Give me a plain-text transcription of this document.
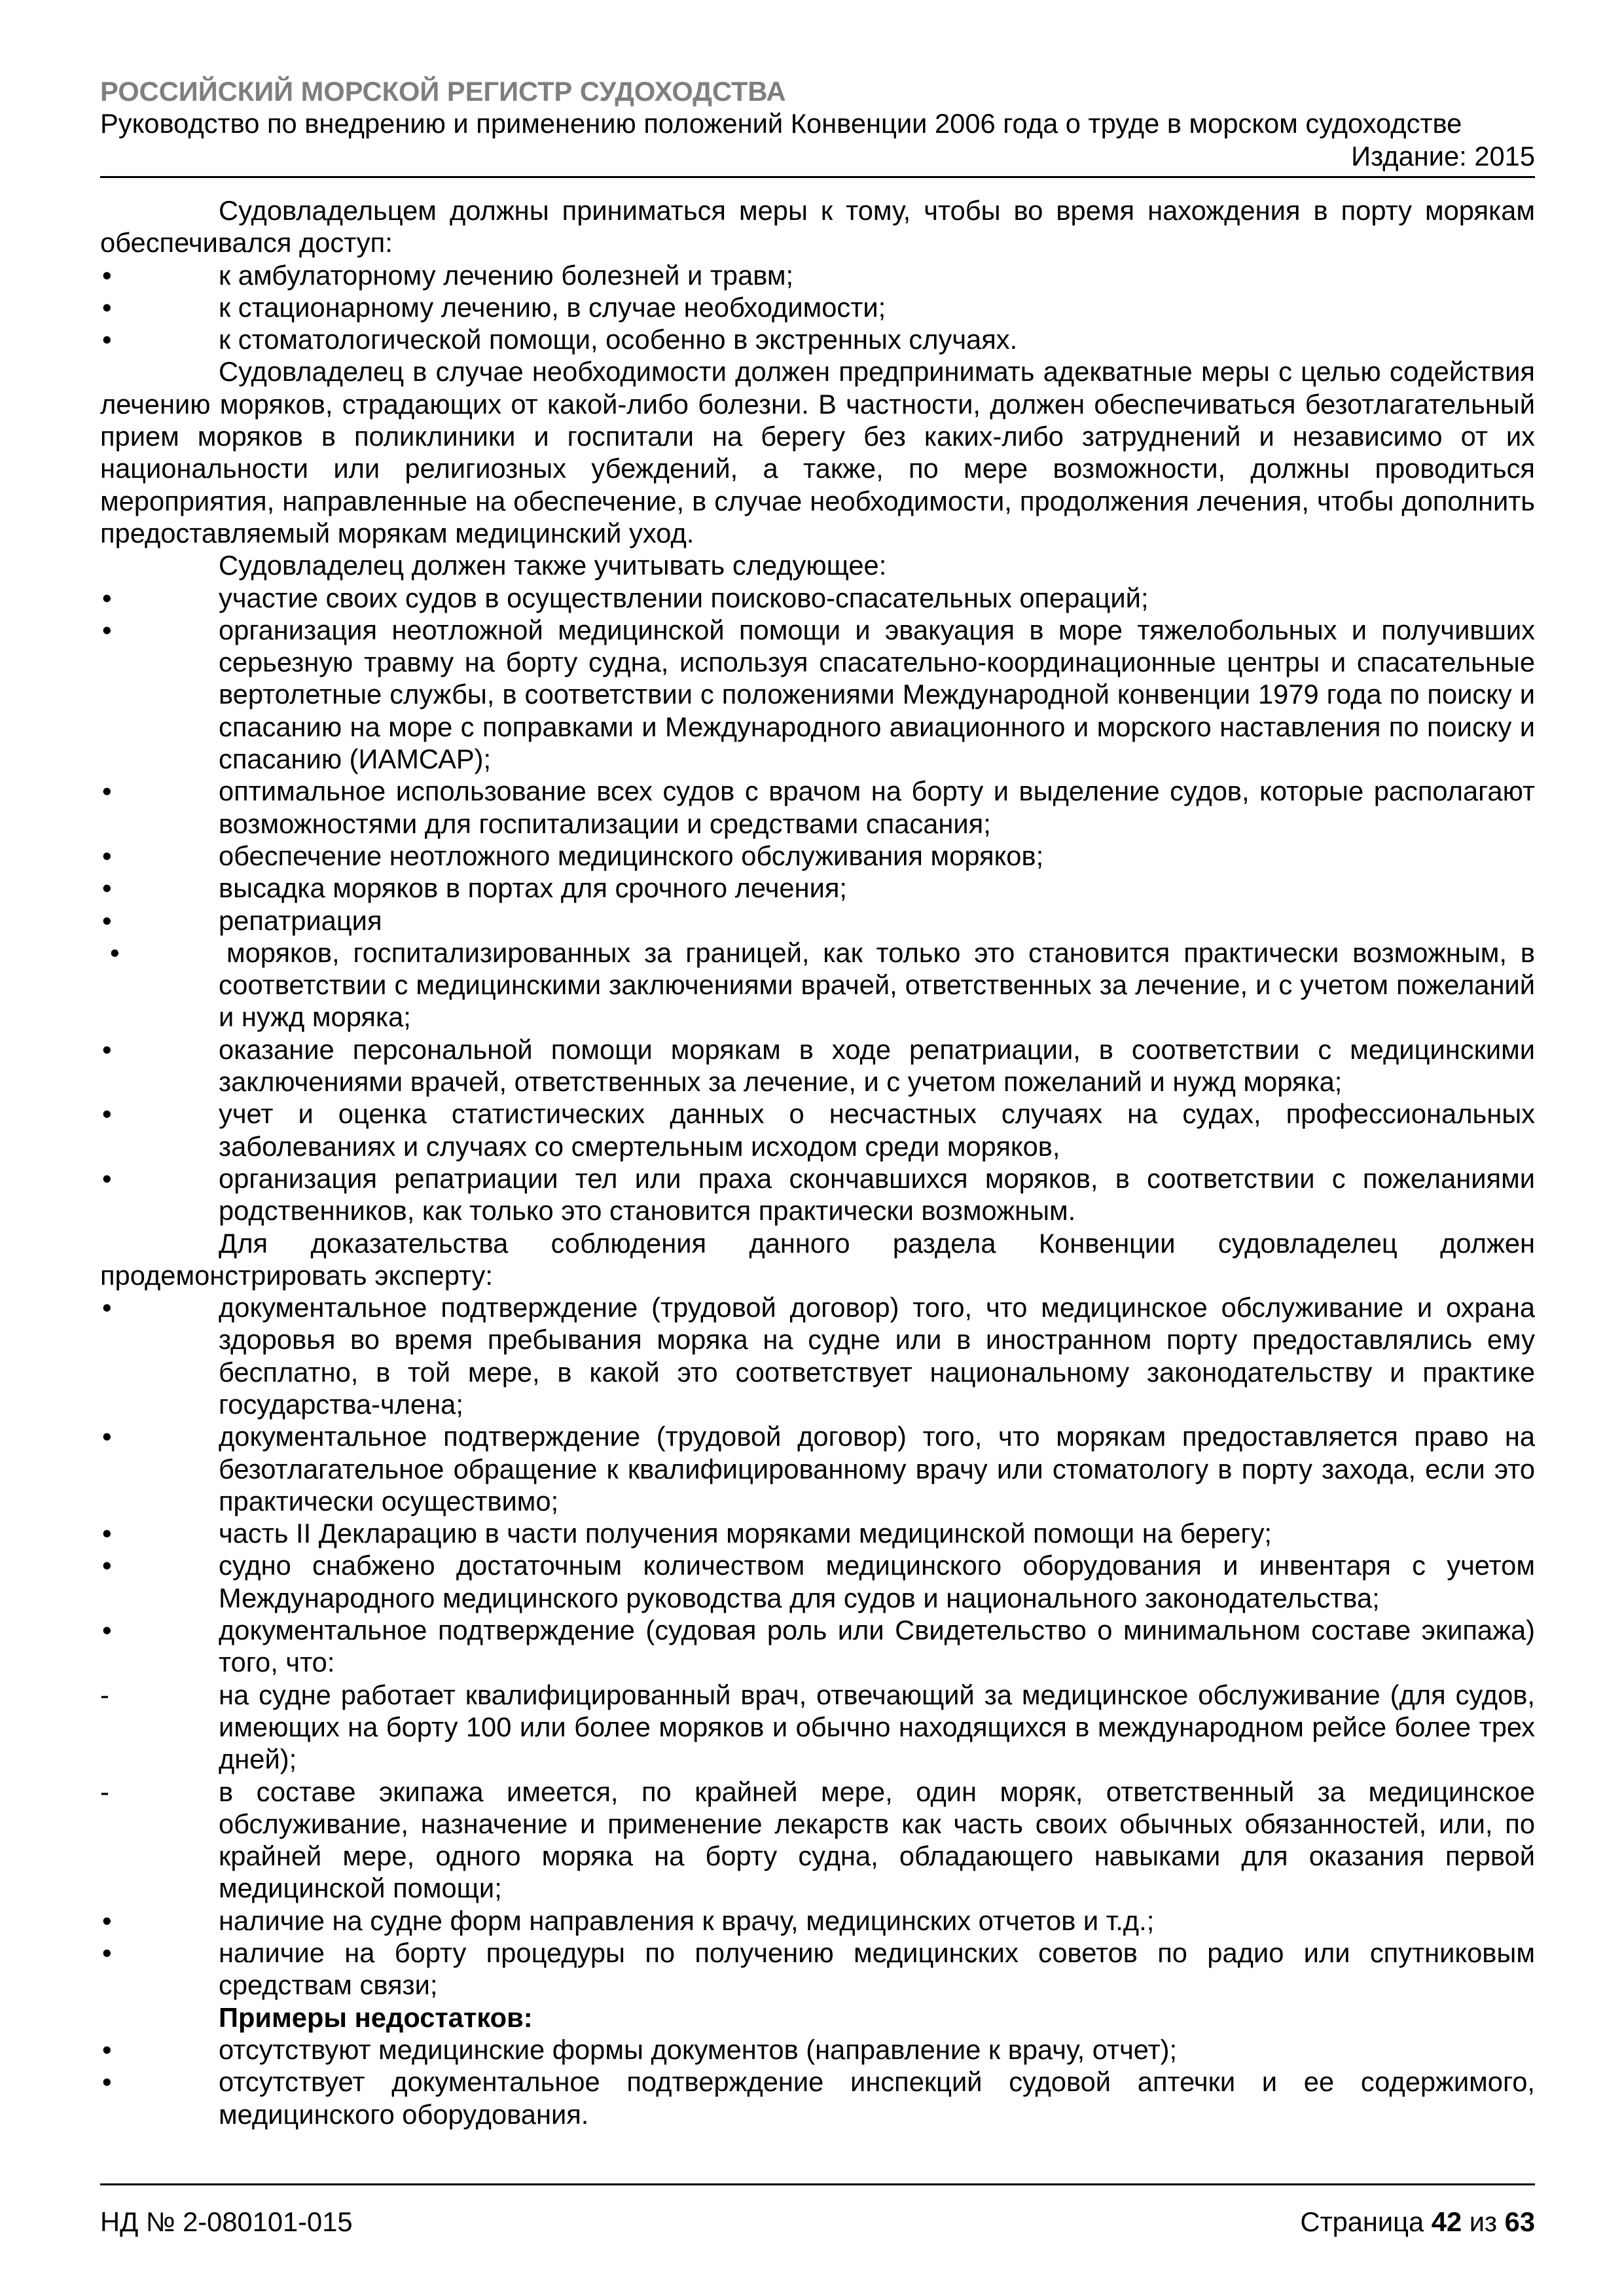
РОССИЙСКИЙ МОРСКОЙ РЕГИСТР СУДОХОДСТВА
Руководство по внедрению и применению положений Конвенции 2006 года о труде в морском судоходстве
Издание: 2015

Судовладельцем должны приниматься меры к тому, чтобы во время нахождения в порту морякам обеспечивался доступ:

•	к амбулаторному лечению болезней и травм;
•	к стационарному лечению, в случае необходимости;
•	к стоматологической помощи, особенно в экстренных случаях.

Судовладелец в случае необходимости должен предпринимать адекватные меры с целью содействия лечению моряков, страдающих от какой-либо болезни. В частности, должен обеспечиваться безотлагательный прием моряков в поликлиники и госпитали на берегу без каких-либо затруднений и независимо от их национальности или религиозных убеждений, а также, по мере возможности, должны проводиться мероприятия, направленные на обеспечение, в случае необходимости, продолжения лечения, чтобы дополнить предоставляемый морякам медицинский уход.

Судовладелец должен также учитывать следующее:

•	участие своих судов в осуществлении поисково-спасательных операций;
•	организация неотложной медицинской помощи и эвакуация в море тяжелобольных и получивших серьезную травму на борту судна, используя спасательно-координационные центры и спасательные вертолетные службы, в соответствии с положениями Международной конвенции 1979 года по поиску и спасанию на море с поправками и Международного авиационного и морского наставления по поиску и спасанию (ИАМСАР);
•	оптимальное использование всех судов с врачом на борту и выделение судов, которые располагают возможностями для госпитализации и средствами спасания;
•	обеспечение неотложного медицинского обслуживания моряков;
•	высадка моряков в портах для срочного лечения;
•	репатриация
•	моряков, госпитализированных за границей, как только это становится практически возможным, в соответствии с медицинскими заключениями врачей, ответственных за лечение, и с учетом пожеланий и нужд моряка;
•	оказание персональной помощи морякам в ходе репатриации, в соответствии с медицинскими заключениями врачей, ответственных за лечение, и с учетом пожеланий и нужд моряка;
•	учет и оценка статистических данных о несчастных случаях на судах, профессиональных заболеваниях и случаях со смертельным исходом среди моряков,
•	организация репатриации тел или праха скончавшихся моряков, в соответствии с пожеланиями родственников, как только это становится практически возможным.

Для доказательства соблюдения данного раздела Конвенции судовладелец должен продемонстрировать эксперту:

•	документальное подтверждение (трудовой договор) того, что медицинское обслуживание и охрана здоровья во время пребывания моряка на судне или в иностранном порту предоставлялись ему бесплатно, в той мере, в какой это соответствует национальному законодательству и практике государства-члена;
•	документальное подтверждение (трудовой договор) того, что морякам предоставляется право на безотлагательное обращение к квалифицированному врачу или стоматологу в порту захода, если это практически осуществимо;
•	часть II Декларацию в части получения моряками медицинской помощи на берегу;
•	судно снабжено достаточным количеством медицинского оборудования и инвентаря с учетом Международного медицинского руководства для судов и национального законодательства;
•	документальное подтверждение (судовая роль или Свидетельство о минимальном составе экипажа) того, что:
-	на судне работает квалифицированный врач, отвечающий за медицинское обслуживание (для судов, имеющих на борту 100 или более моряков и обычно находящихся в международном рейсе более трех дней);
-	в составе экипажа имеется, по крайней мере, один моряк, ответственный за медицинское обслуживание, назначение и применение лекарств как часть своих обычных обязанностей, или, по крайней мере, одного моряка на борту судна, обладающего навыками для оказания первой медицинской помощи;
•	наличие на судне форм направления к врачу, медицинских отчетов и т.д.;
•	наличие на борту процедуры по получению медицинских советов по радио или спутниковым средствам связи;

Примеры недостатков:

•	отсутствуют медицинские формы документов (направление к врачу, отчет);
•	отсутствует документальное подтверждение инспекций судовой аптечки и ее содержимого, медицинского оборудования.
НД № 2-080101-015	Страница 42 из 63
